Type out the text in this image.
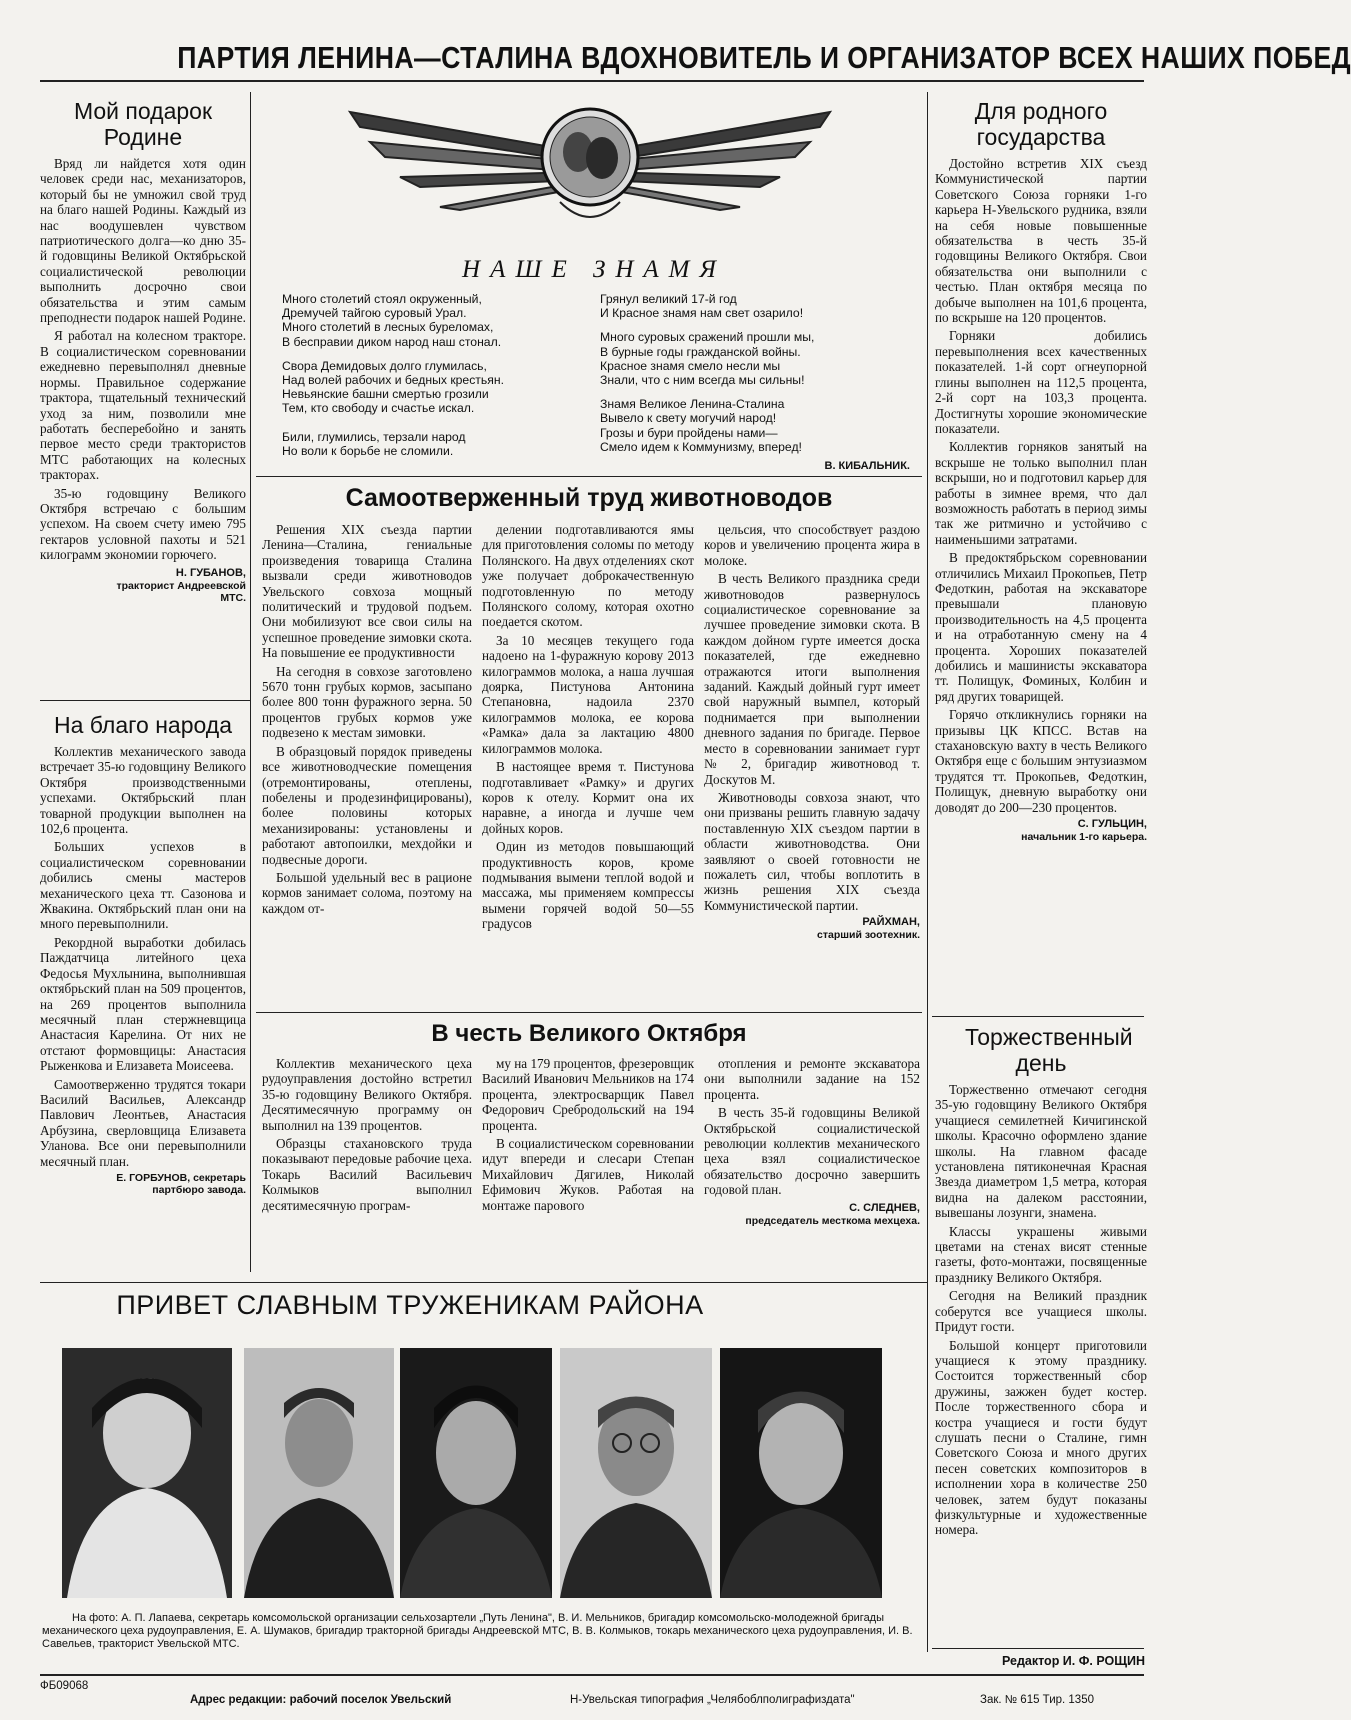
ПАРТИЯ ЛЕНИНА—СТАЛИНА ВДОХНОВИТЕЛЬ И ОРГАНИЗАТОР ВСЕХ НАШИХ ПОБЕД
Мой подарок Родине

Вряд ли найдется хотя один человек среди нас, механизаторов, который бы не умножил свой труд на благо нашей Родины. Каждый из нас воодушевлен чувством патриотического долга—ко дню 35-й годовщины Великой Октябрьской социалистической революции выполнить досрочно свои обязательства и этим самым преподнести подарок нашей Родине.

Я работал на колесном тракторе. В социалистическом соревновании ежедневно перевыполнял дневные нормы. Правильное содержание трактора, тщательный технический уход за ним, позволили мне работать бесперебойно и занять первое место среди трактористов МТС работающих на колесных тракторах.

35-ю годовщину Великого Октября встречаю с большим успехом. На своем счету имею 795 гектаров условной пахоты и 521 килограмм экономии горючего.

Н. ГУБАНОВ,
тракторист Андреевской МТС.
На благо народа

Коллектив механического завода встречает 35-ю годовщину Великого Октября производственными успехами. Октябрьский план товарной продукции выполнен на 102,6 процента.

Больших успехов в социалистическом соревновании добились смены мастеров механического цеха тт. Сазонова и Жвакина. Октябрьский план они на много перевыполнили.

Рекордной выработки добилась Паждатчица литейного цеха Федосья Мухлынина, выполнившая октябрьский план на 509 процентов, на 269 процентов выполнила месячный план стержневщица Анастасия Карелина. От них не отстают формовщицы: Анастасия Рыженкова и Елизавета Моисеева.

Самоотверженно трудятся токари Василий Васильев, Александр Павлович Леонтьев, Анастасия Арбузина, сверловщица Елизавета Уланова. Все они перевыполнили месячный план.

Е. ГОРБУНОВ, секретарь партбюро завода.
НАШЕ ЗНАМЯ
Много столетий стоял окруженный,
Дремучей тайгою суровый Урал.
Много столетий в лесных буреломах,
В бесправии диком народ наш стонал.
Свора Демидовых долго глумилась,
Над волей рабочих и бедных крестьян.
Невьянские башни смертью грозили
Тем, кто свободу и счастье искал.
Били, глумились, терзали народ
Но воли к борьбе не сломили.
Грянул великий 17-й год
И Красное знамя нам свет озарило!
Много суровых сражений прошли мы,
В бурные годы гражданской войны.
Красное знамя смело несли мы
Знали, что с ним всегда мы сильны!
Знамя Великое Ленина-Сталина
Вывело к свету могучий народ!
Грозы и бури пройдены нами—
Смело идем к Коммунизму, вперед!
В. КИБАЛЬНИК.
Самоотверженный труд животноводов

Решения XIX съезда партии Ленина—Сталина, гениальные произведения товарища Сталина вызвали среди животноводов Увельского совхоза мощный политический и трудовой подъем. Они мобилизуют все свои силы на успешное проведение зимовки скота. На повышение ее продуктивности

На сегодня в совхозе заготовлено 5670 тонн грубых кормов, засыпано более 800 тонн фуражного зерна. 50 процентов грубых кормов уже подвезено к местам зимовки.

В образцовый порядок приведены все животноводческие помещения (отремонтированы, отеплены, побелены и продезинфицированы), более половины которых механизированы: установлены и работают автопоилки, мехдойки и подвесные дороги.

Большой удельный вес в рационе кормов занимает солома, поэтому на каждом от-

делении подготавливаются ямы для приготовления соломы по методу Полянского. На двух отделениях скот уже получает доброкачественную подготовленную по методу Полянского солому, которая охотно поедается скотом.

За 10 месяцев текущего года надоено на 1-фуражную корову 2013 килограммов молока, а наша лучшая доярка, Пистунова Антонина Степановна, надоила 2370 килограммов молока, ее корова «Рамка» дала за лактацию 4800 килограммов молока.

В настоящее время т. Пистунова подготавливает «Рамку» и других коров к отелу. Кормит она их наравне, а иногда и лучше чем дойных коров.

Один из методов повышающий продуктивность коров, кроме подмывания вымени теплой водой и массажа, мы применяем компрессы вымени горячей водой 50—55 градусов

цельсия, что способствует раздою коров и увеличению процента жира в молоке.

В честь Великого праздника среди животноводов развернулось социалистическое соревнование за лучшее проведение зимовки скота. В каждом дойном гурте имеется доска показателей, где ежедневно отражаются итоги выполнения заданий. Каждый дойный гурт имеет свой наружный вымпел, который поднимается при выполнении дневного задания по бригаде. Первое место в соревновании занимает гурт № 2, бригадир животновод т. Доскутов М.

Животноводы совхоза знают, что они призваны решить главную задачу поставленную XIX съездом партии в области животноводства. Они заявляют о своей готовности не пожалеть сил, чтобы воплотить в жизнь решения XIX съезда Коммунистической партии.

РАЙХМАН,
старший зоотехник.
В честь Великого Октября

Коллектив механического цеха рудоуправления достойно встретил 35-ю годовщину Великого Октября. Десятимесячную программу он выполнил на 139 процентов.

Образцы стахановского труда показывают передовые рабочие цеха. Токарь Василий Васильевич Колмыков выполнил десятимесячную програм-

му на 179 процентов, фрезеровщик Василий Иванович Мельников на 174 процента, электросварщик Павел Федорович Сребродольский на 194 процента.

В социалистическом соревновании идут впереди и слесари Степан Михайлович Дягилев, Николай Ефимович Жуков. Работая на монтаже парового

отопления и ремонте экскаватора они выполнили задание на 152 процента.

В честь 35-й годовщины Великой Октябрьской социалистической революции коллектив механического цеха взял социалистическое обязательство досрочно завершить годовой план.

С. СЛЕДНЕВ,
председатель месткома мехцеха.
ПРИВЕТ СЛАВНЫМ ТРУЖЕНИКАМ РАЙОНА
На фото: А. П. Лапаева, секретарь комсомольской организации сельхозартели „Путь Ленина", В. И. Мельников, бригадир комсомольско-молодежной бригады механического цеха рудоуправления, Е. А. Шумаков, бригадир тракторной бригады Андреевской МТС, В. В. Колмыков, токарь механического цеха рудоуправления, И. В. Савельев, тракторист Увельской МТС.
Для родного государства

Достойно встретив XIX съезд Коммунистической партии Советского Союза горняки 1-го карьера Н-Увельского рудника, взяли на себя новые повышенные обязательства в честь 35-й годовщины Великого Октября. Свои обязательства они выполнили с честью. План октября месяца по добыче выполнен на 101,6 процента, по вскрыше на 120 процентов.

Горняки добились перевыполнения всех качественных показателей. 1-й сорт огнеупорной глины выполнен на 112,5 процента, 2-й сорт на 103,3 процента. Достигнуты хорошие экономические показатели.

Коллектив горняков занятый на вскрыше не только выполнил план вскрыши, но и подготовил карьер для работы в зимнее время, что дал возможность работать в период зимы так же ритмично и устойчиво с наименьшими затратами.

В предоктябрьском соревновании отличились Михаил Прокопьев, Петр Федоткин, работая на экскаваторе превышали плановую производительность на 4,5 процента и на отработанную смену на 4 процента. Хороших показателей добились и машинисты экскаватора тт. Полищук, Фоминых, Колбин и ряд других товарищей.

Горячо откликнулись горняки на призывы ЦК КПСС. Встав на стахановскую вахту в честь Великого Октября еще с большим энтузиазмом трудятся тт. Прокопьев, Федоткин, Полищук, дневную выработку они доводят до 200—230 процентов.

С. ГУЛЬЦИН,
начальник 1-го карьера.
Торжественный день

Торжественно отмечают сегодня 35-ую годовщину Великого Октября учащиеся семилетней Кичигинской школы. Красочно оформлено здание школы. На главном фасаде установлена пятиконечная Красная Звезда диаметром 1,5 метра, которая видна на далеком расстоянии, вывешаны лозунги, знамена.

Классы украшены живыми цветами на стенах висят стенные газеты, фото-монтажи, посвященные празднику Великого Октября.

Сегодня на Великий праздник соберутся все учащиеся школы. Придут гости.

Большой концерт приготовили учащиеся к этому празднику. Состоится торжественный сбор дружины, зажжен будет костер. После торжественного сбора и костра учащиеся и гости будут слушать песни о Сталине, гимн Советского Союза и много других песен советских композиторов в исполнении хора в количестве 250 человек, затем будут показаны физкультурные и художественные номера.

Редактор И. Ф. РОЩИН
ФБ09068
Адрес редакции: рабочий поселок Увельский	Н-Увельская типография „Челябоблполиграфиздата"	Зак. № 615 Тир. 1350
